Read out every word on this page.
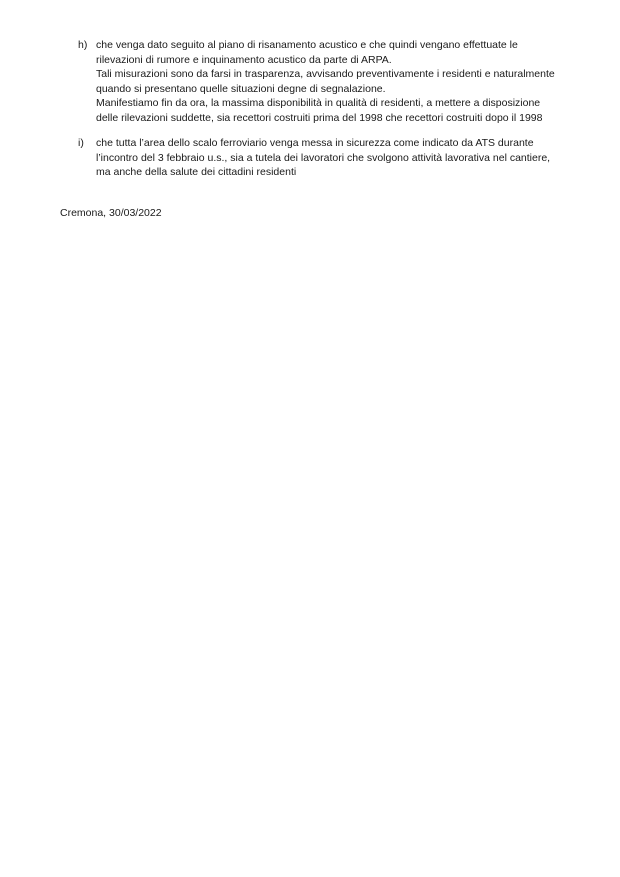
h) che venga dato seguito al piano di risanamento acustico e che quindi vengano effettuate le
rilevazioni di rumore e inquinamento acustico da parte di ARPA.
Tali misurazioni sono da farsi in trasparenza, avvisando preventivamente i residenti e naturalmente
quando si presentano quelle situazioni degne di segnalazione.
Manifestiamo fin da ora, la massima disponibilità in qualità di residenti, a mettere a disposizione
delle rilevazioni suddette, sia recettori costruiti prima del 1998 che recettori costruiti dopo il 1998
i) che tutta l’area dello scalo ferroviario venga messa in sicurezza come indicato da ATS durante
l’incontro del 3 febbraio u.s., sia a tutela dei lavoratori che svolgono attività lavorativa nel cantiere,
ma anche della salute dei cittadini residenti
Cremona, 30/03/2022
